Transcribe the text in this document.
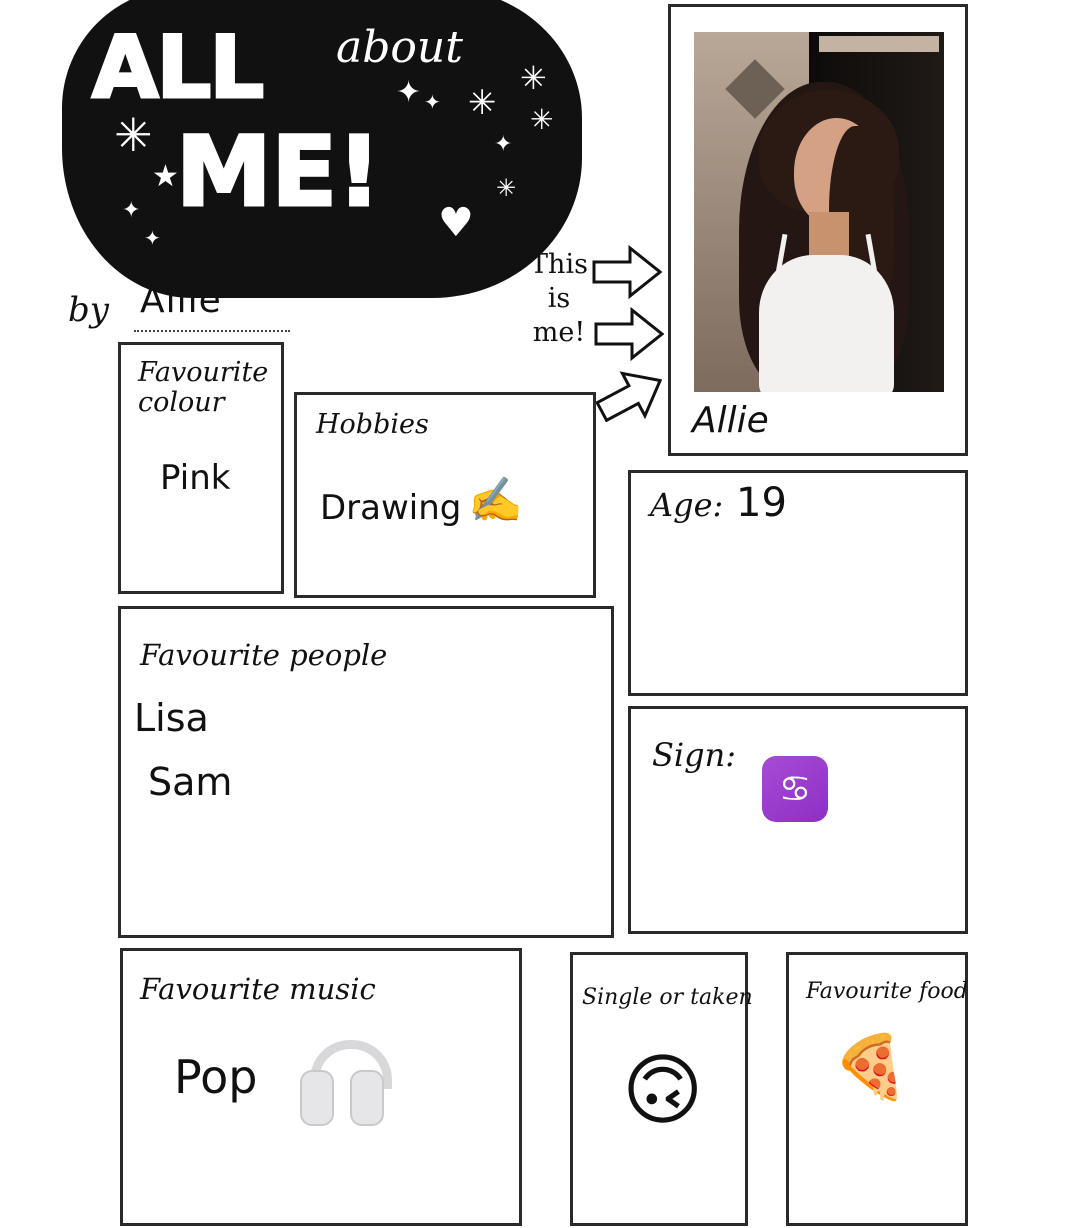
ALL about
ME!
✦ ✦ ✳
✳
✳
✦
✳
✳
★
✦
✦	♥
by Allie
This
is
me!
Allie
Favourite colour
Pink
Hobbies
Drawing ✍️	Age: 19
Sign:
♋
Favourite people
Lisa
Sam
Favourite music
Pop
Single or taken
🙃
Favourite food
🍕
